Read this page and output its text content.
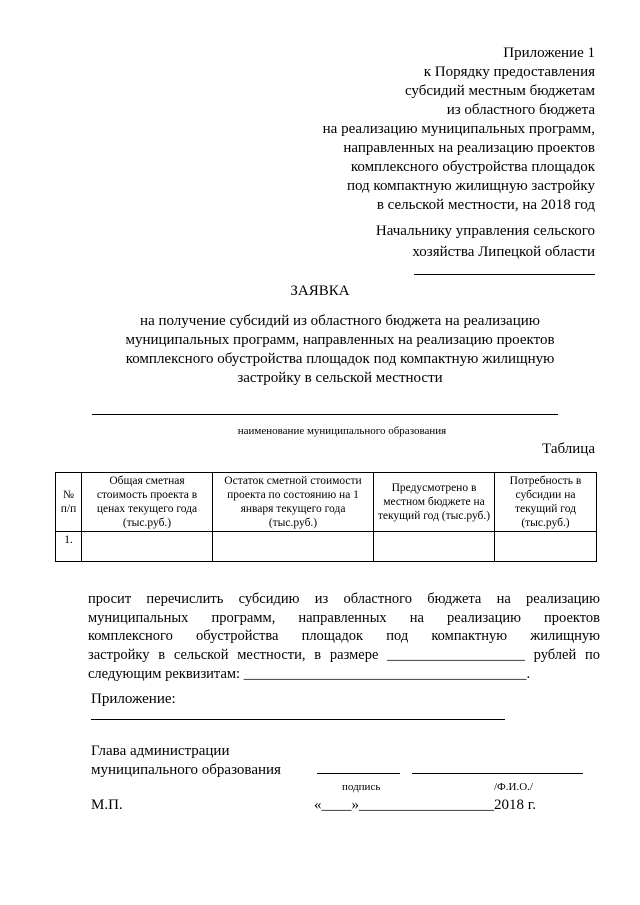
Приложение 1
к Порядку предоставления
субсидий местным бюджетам
из областного бюджета
на реализацию муниципальных программ,
направленных на реализацию проектов
комплексного обустройства площадок
под компактную жилищную застройку
в сельской местности, на 2018 год
Начальнику управления сельского
хозяйства Липецкой области
ЗАЯВКА
на получение субсидий из областного бюджета на реализацию
муниципальных программ, направленных на реализацию проектов
комплексного обустройства площадок под компактную жилищную
застройку в сельской местности
наименование муниципального образования
Таблица
№ п/п	Общая сметная стоимость проекта в ценах текущего года (тыс.руб.)	Остаток сметной стоимости проекта по состоянию на 1 января текущего года (тыс.руб.)	Предусмотрено в местном бюджете на текущий год (тыс.руб.)	Потребность в субсидии на текущий год (тыс.руб.)
1.				
просит перечислить субсидию из областного бюджета на реализацию
муниципальных программ, направленных на реализацию проектов
комплексного обустройства площадок под компактную жилищную
застройку в сельской местности, в размере ___________________ рублей по
следующим реквизитам: _______________________________________.
Приложение:
Глава администрации
муниципального образования
подпись	/Ф.И.О./
М.П.	«____»__________________2018 г.
